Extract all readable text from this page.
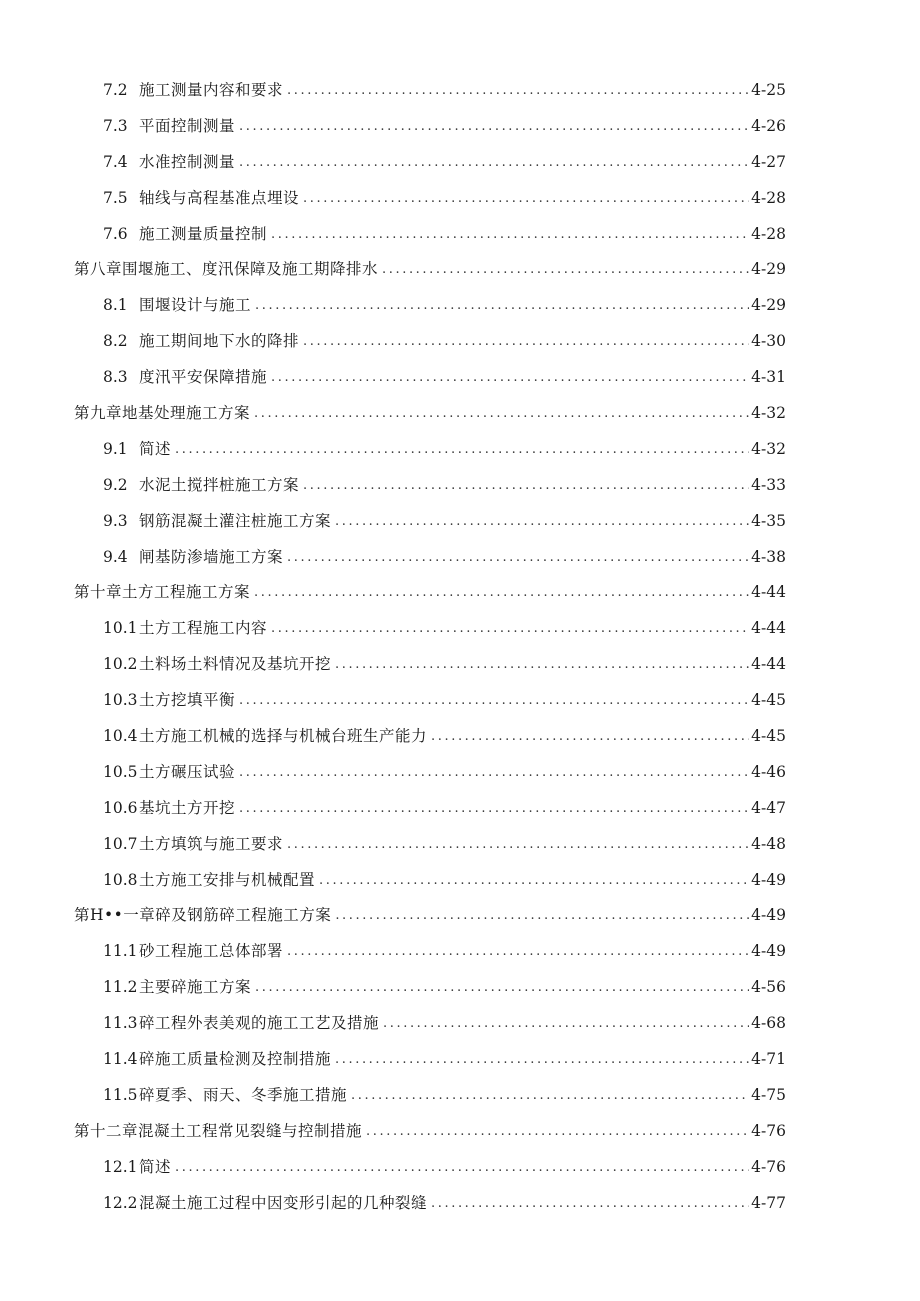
7.2 施工测量内容和要求 .....	4-25
7.3 平面控制测量 .....	4-26
7.4 水准控制测量 .....	4-27
7.5 轴线与高程基准点埋设 .....	4-28
7.6 施工测量质量控制 .....	4-28
第八章围堰施工、度汛保障及施工期降排水 .....	4-29
8.1 围堰设计与施工 .....	4-29
8.2 施工期间地下水的降排 .....	4-30
8.3 度汛平安保障措施 .....	4-31
第九章地基处理施工方案 .....	4-32
9.1 简述 .....	4-32
9.2 水泥土搅拌桩施工方案 .....	4-33
9.3 钢筋混凝土灌注桩施工方案 .....	4-35
9.4 闸基防渗墙施工方案 .....	4-38
第十章土方工程施工方案 .....	4-44
10.1 土方工程施工内容 .....	4-44
10.2 土料场土料情况及基坑开挖 .....	4-44
10.3 土方挖填平衡 .....	4-45
10.4 土方施工机械的选择与机械台班生产能力 .....	4-45
10.5 土方碾压试验 .....	4-46
10.6 基坑土方开挖 .....	4-47
10.7 土方填筑与施工要求 .....	4-48
10.8 土方施工安排与机械配置 .....	4-49
第H••一章碎及钢筋碎工程施工方案 .....	4-49
11.1 砂工程施工总体部署 .....	4-49
11.2 主要碎施工方案 .....	4-56
11.3 碎工程外表美观的施工工艺及措施 .....	4-68
11.4 碎施工质量检测及控制措施 .....	4-71
11.5 碎夏季、雨天、冬季施工措施 .....	4-75
第十二章混凝土工程常见裂缝与控制措施 .....	4-76
12.1 简述 .....	4-76
12.2 混凝土施工过程中因变形引起的几种裂缝 .....	4-77
